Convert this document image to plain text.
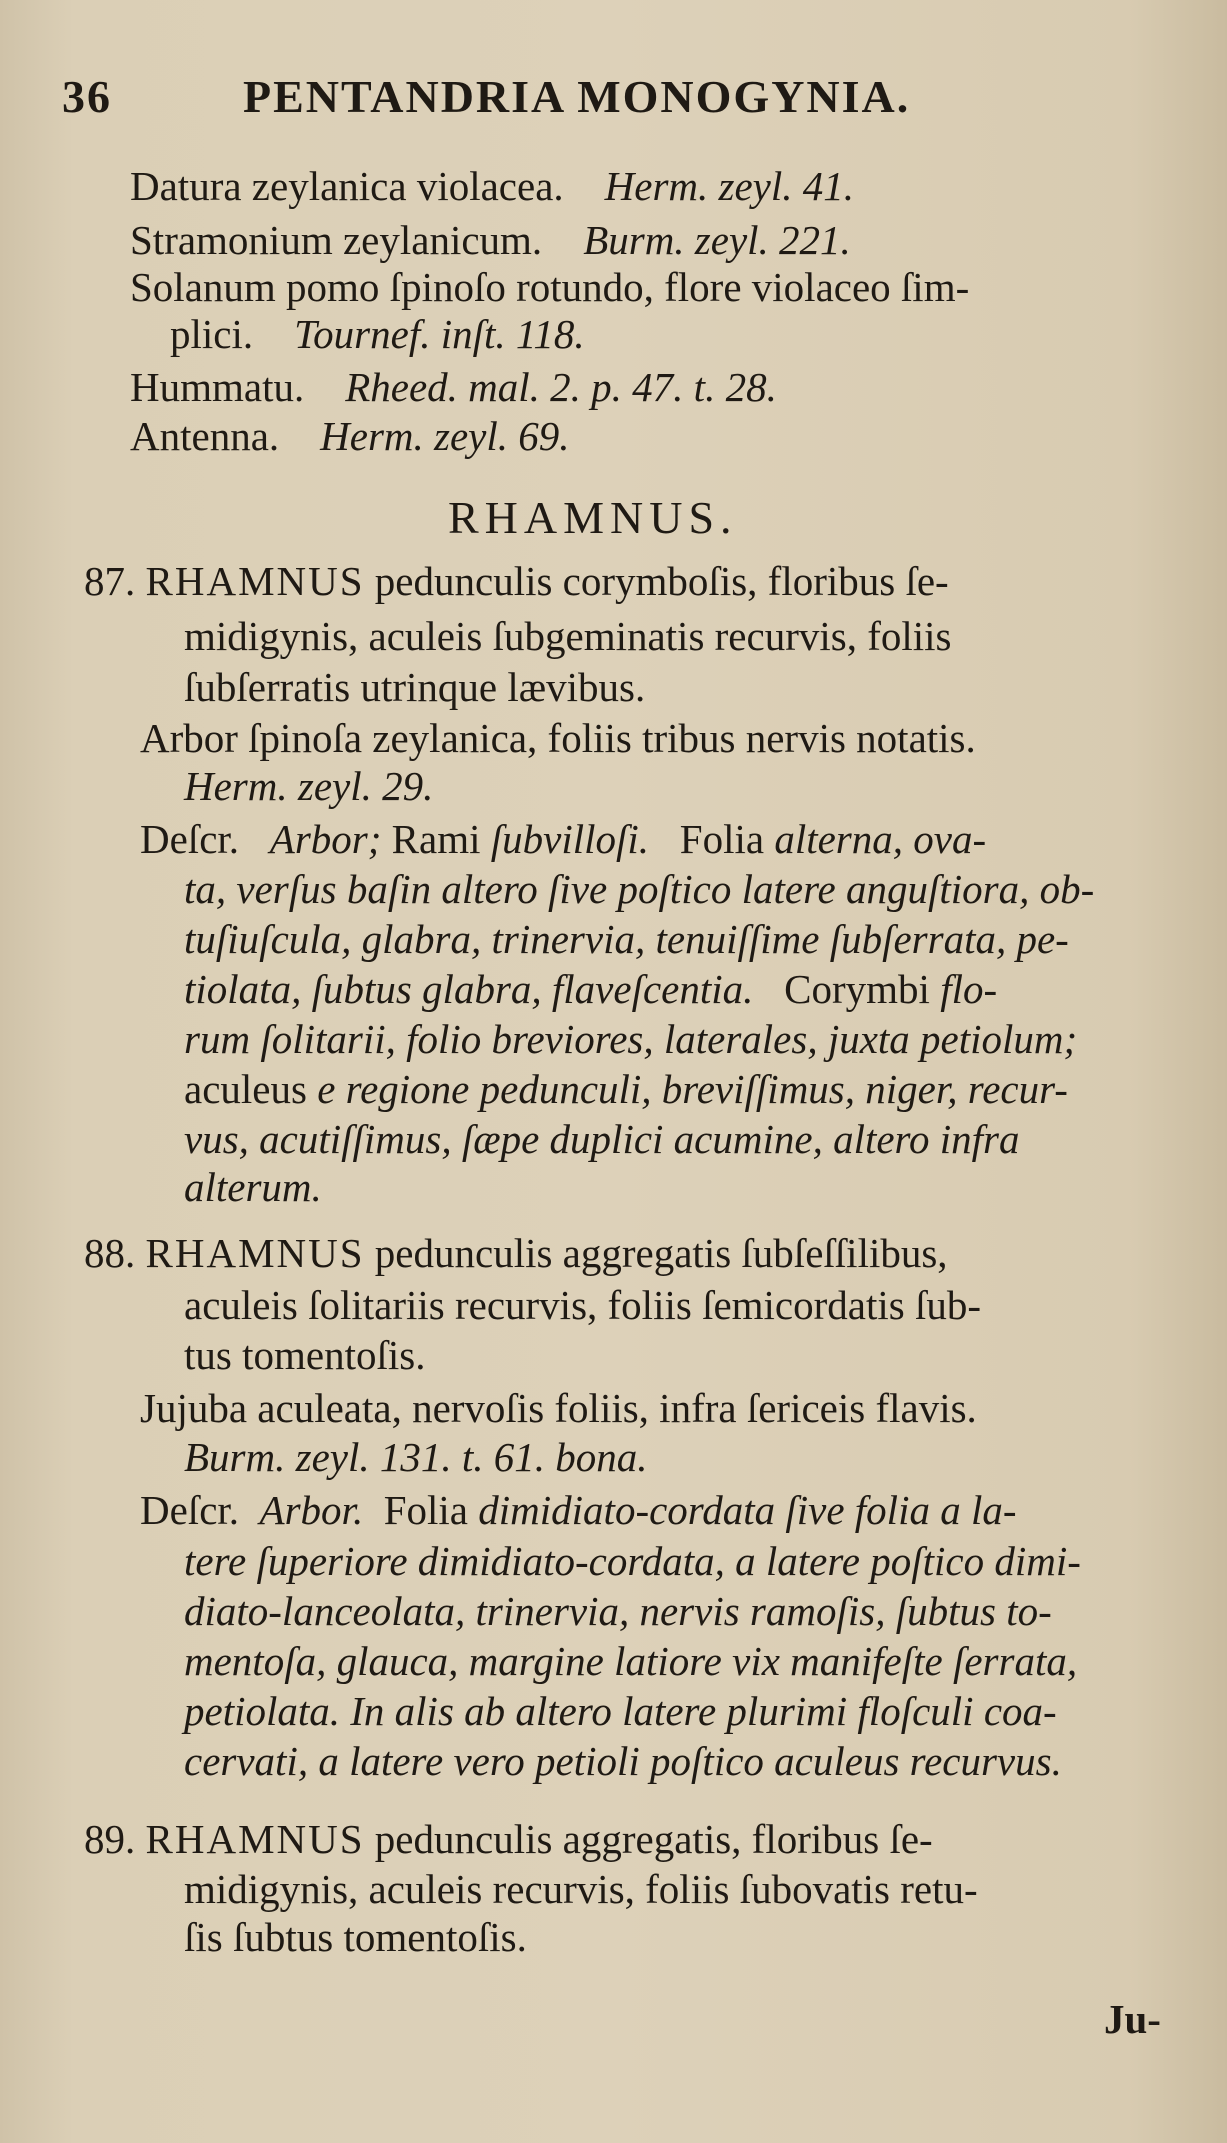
36	PENTANDRIA MONOGYNIA.
Datura zeylanica violacea. Herm. zeyl. 41.
Stramonium zeylanicum. Burm. zeyl. 221.
Solanum pomo ſpinoſo rotundo, flore violaceo ſim-
plici. Tournef. inſt. 118.
Hummatu. Rheed. mal. 2. p. 47. t. 28.
Antenna. Herm. zeyl. 69.
RHAMNUS.
87. RHAMNUS pedunculis corymboſis, floribus ſe-
midigynis, aculeis ſubgeminatis recurvis, foliis
ſubſerratis utrinque lævibus.
Arbor ſpinoſa zeylanica, foliis tribus nervis notatis.
Herm. zeyl. 29.
Deſcr. Arbor; Rami ſubvilloſi. Folia alterna, ova-
ta, verſus baſin altero ſive poſtico latere anguſtiora, ob-
tuſiuſcula, glabra, trinervia, tenuiſſime ſubſerrata, pe-
tiolata, ſubtus glabra, flaveſcentia. Corymbi flo-
rum ſolitarii, folio breviores, laterales, juxta petiolum;
aculeus e regione pedunculi, breviſſimus, niger, recur-
vus, acutiſſimus, ſæpe duplici acumine, altero infra
alterum.
88. RHAMNUS pedunculis aggregatis ſubſeſſilibus,
aculeis ſolitariis recurvis, foliis ſemicordatis ſub-
tus tomentoſis.
Jujuba aculeata, nervoſis foliis, infra ſericeis flavis.
Burm. zeyl. 131. t. 61. bona.
Deſcr. Arbor. Folia dimidiato-cordata ſive folia a la-
tere ſuperiore dimidiato-cordata, a latere poſtico dimi-
diato-lanceolata, trinervia, nervis ramoſis, ſubtus to-
mentoſa, glauca, margine latiore vix manifeſte ſerrata,
petiolata. In alis ab altero latere plurimi floſculi coa-
cervati, a latere vero petioli poſtico aculeus recurvus.
89. RHAMNUS pedunculis aggregatis, floribus ſe-
midigynis, aculeis recurvis, foliis ſubovatis retu-
ſis ſubtus tomentoſis.
Ju-
